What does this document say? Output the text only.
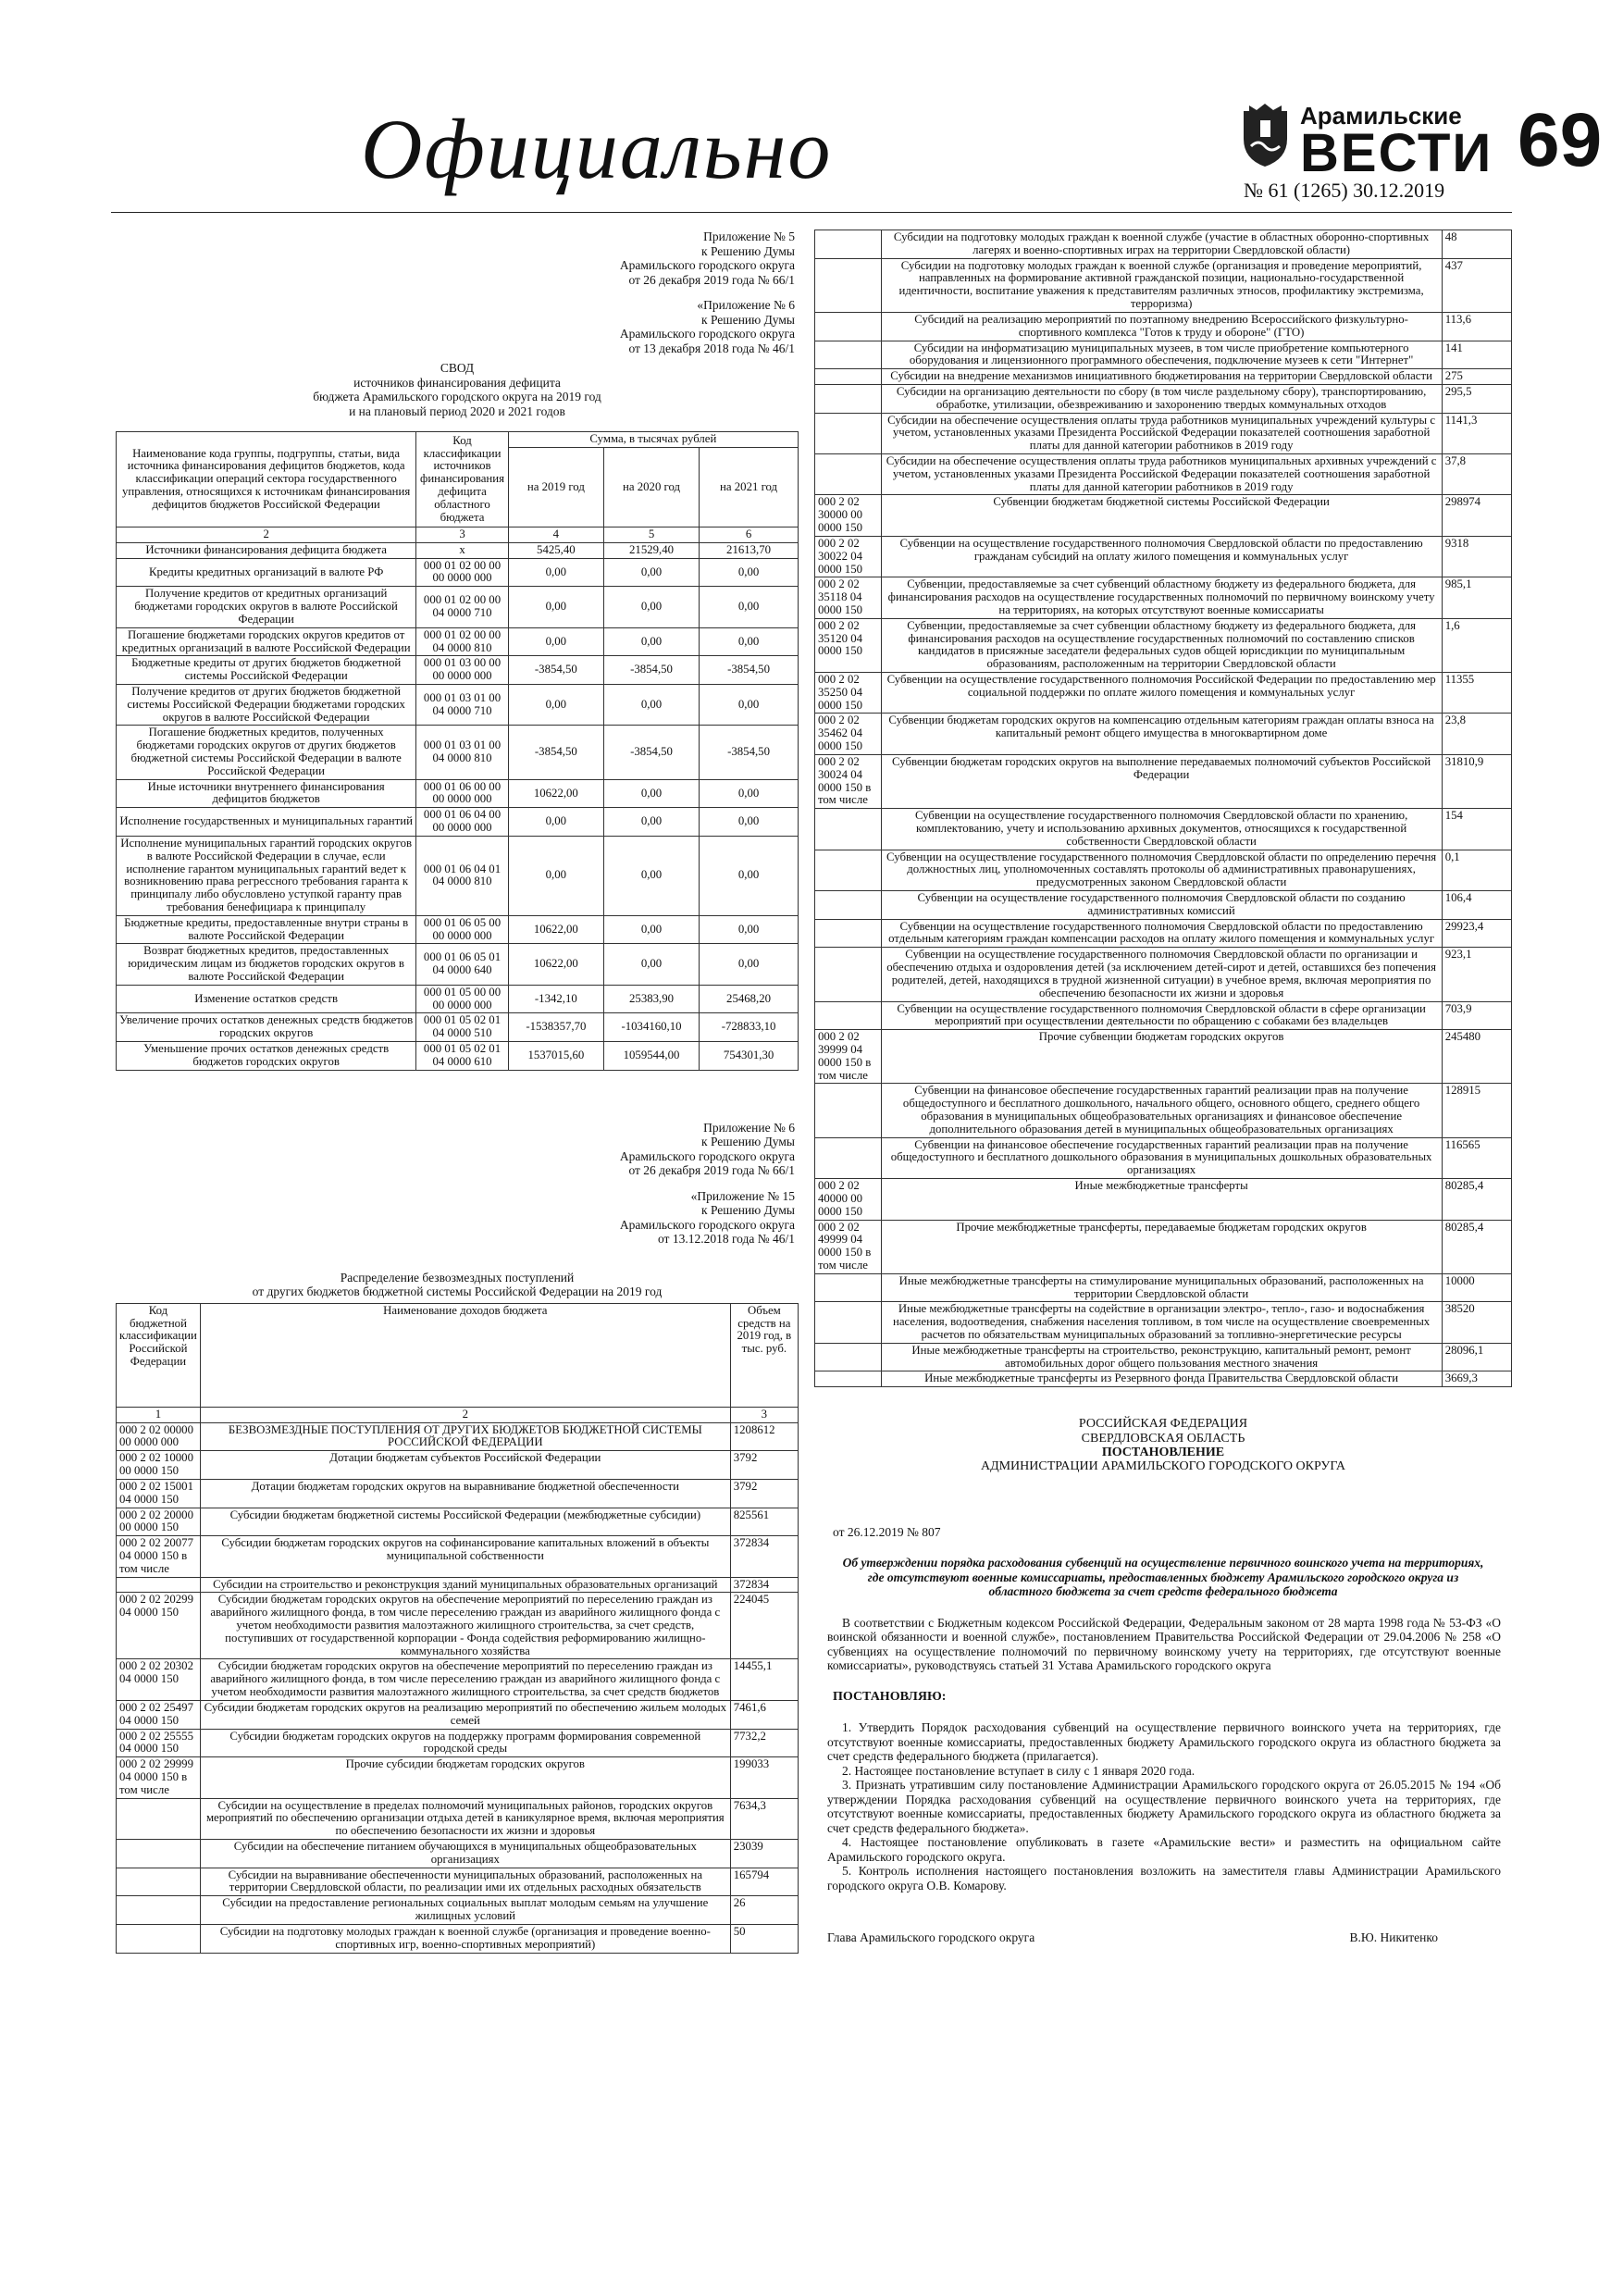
Официально	Арамильские
ВЕСТИ
№ 61 (1265) 30.12.2019
69
Приложение № 5
к Решению Думы
Арамильского городского округа
от 26 декабря 2019 года № 66/1
«Приложение № 6
к Решению Думы
Арамильского городского округа
от 13 декабря 2018 года № 46/1
СВОД
источников финансирования дефицита
бюджета Арамильского городского округа на 2019 год
и на плановый период 2020 и 2021 годов
Наименование кода группы, подгруппы, статьи, вида источника финансирования дефицитов бюджетов, кода классификации операций сектора государственного управления, относящихся к источникам финансирования дефицитов бюджетов Российской Федерации	Код классификации источников финансирования дефицита областного бюджета	Сумма, в тысячах рублей		
		на 2019 год	на 2020 год	на 2021 год
2	3	4	5	6
Источники финансирования дефицита бюджета	x	5425,40	21529,40	21613,70
Кредиты кредитных организаций в валюте РФ	000 01 02 00 00 00 0000 000	0,00	0,00	0,00
Получение кредитов от кредитных организаций бюджетами городских округов в валюте Российской Федерации	000 01 02 00 00 04 0000 710	0,00	0,00	0,00
Погашение бюджетами городских округов кредитов от кредитных организаций в валюте Российской Федерации	000 01 02 00 00 04 0000 810	0,00	0,00	0,00
Бюджетные кредиты от других бюджетов бюджетной системы Российской Федерации	000 01 03 00 00 00 0000 000	-3854,50	-3854,50	-3854,50
Получение кредитов от других бюджетов бюджетной системы Российской Федерации бюджетами городских округов в валюте Российской Федерации	000 01 03 01 00 04 0000 710	0,00	0,00	0,00
Погашение бюджетных кредитов, полученных бюджетами городских округов от других бюджетов бюджетной системы Российской Федерации в валюте Российской Федерации	000 01 03 01 00 04 0000 810	-3854,50	-3854,50	-3854,50
Иные источники внутреннего финансирования дефицитов бюджетов	000 01 06 00 00 00 0000 000	10622,00	0,00	0,00
Исполнение государственных и муниципальных гарантий	000 01 06 04 00 00 0000 000	0,00	0,00	0,00
Исполнение муниципальных гарантий городских округов в валюте Российской Федерации в случае, если исполнение гарантом муниципальных гарантий ведет к возникновению права регрессного требования гаранта к принципалу либо обусловлено уступкой гаранту прав требования бенефициара к принципалу	000 01 06 04 01 04 0000 810	0,00	0,00	0,00
Бюджетные кредиты, предоставленные внутри страны в валюте Российской Федерации	000 01 06 05 00 00 0000 000	10622,00	0,00	0,00
Возврат бюджетных кредитов, предоставленных юридическим лицам из бюджетов городских округов в валюте Российской Федерации	000 01 06 05 01 04 0000 640	10622,00	0,00	0,00
Изменение остатков средств	000 01 05 00 00 00 0000 000	-1342,10	25383,90	25468,20
Увеличение прочих остатков денежных средств бюджетов городских округов	000 01 05 02 01 04 0000 510	-1538357,70	-1034160,10	-728833,10
Уменьшение прочих остатков денежных средств бюджетов городских округов	000 01 05 02 01 04 0000 610	1537015,60	1059544,00	754301,30
Приложение № 6
к Решению Думы
Арамильского городского округа
от 26 декабря 2019 года № 66/1
«Приложение № 15
к Решению Думы
Арамильского городского округа
от 13.12.2018 года № 46/1
Распределение безвозмездных поступлений
от других бюджетов бюджетной системы Российской Федерации на 2019 год
Код бюджетной классификации Российской Федерации	Наименование доходов бюджета	Объем средств на 2019 год, в тыс. руб.
1	2	3
000 2 02 00000 00 0000 000	БЕЗВОЗМЕЗДНЫЕ ПОСТУПЛЕНИЯ ОТ ДРУГИХ БЮДЖЕТОВ БЮДЖЕТНОЙ СИСТЕМЫ РОССИЙСКОЙ ФЕДЕРАЦИИ	1208612
000 2 02 10000 00 0000 150	Дотации бюджетам субъектов Российской Федерации	3792
000 2 02 15001 04 0000 150	Дотации бюджетам городских округов на выравнивание бюджетной обеспеченности	3792
000 2 02 20000 00 0000 150	Субсидии бюджетам бюджетной системы Российской Федерации (межбюджетные субсидии)	825561
000 2 02 20077 04 0000 150 в том числе	Субсидии бюджетам городских округов на софинансирование капитальных вложений в объекты муниципальной собственности	372834
	Субсидии на строительство и реконструкция зданий муниципальных образовательных организаций	372834
000 2 02 20299 04 0000 150	Субсидии бюджетам городских округов на обеспечение мероприятий по переселению граждан из аварийного жилищного фонда, в том числе переселению граждан из аварийного жилищного фонда с учетом необходимости развития малоэтажного жилищного строительства, за счет средств, поступивших от государственной корпорации - Фонда содействия реформированию жилищно-коммунального хозяйства	224045
000 2 02 20302 04 0000 150	Субсидии бюджетам городских округов на обеспечение мероприятий по переселению граждан из аварийного жилищного фонда, в том числе переселению граждан из аварийного жилищного фонда с учетом необходимости развития малоэтажного жилищного строительства, за счет средств бюджетов	14455,1
000 2 02 25497 04 0000 150	Субсидии бюджетам городских округов на реализацию мероприятий по обеспечению жильем молодых семей	7461,6
000 2 02 25555 04 0000 150	Субсидии бюджетам городских округов на поддержку программ формирования современной городской среды	7732,2
000 2 02 29999 04 0000 150 в том числе	Прочие субсидии бюджетам городских округов	199033
	Субсидии на осуществление в пределах полномочий муниципальных районов, городских округов мероприятий по обеспечению организации отдыха детей в каникулярное время, включая мероприятия по обеспечению безопасности их жизни и здоровья	7634,3
	Субсидии на обеспечение питанием обучающихся в муниципальных общеобразовательных организациях	23039
	Субсидии на выравнивание обеспеченности муниципальных образований, расположенных на территории Свердловской области, по реализации ими их отдельных расходных обязательств	165794
	Субсидии на предоставление региональных социальных выплат молодым семьям на улучшение жилищных условий	26
	Субсидии на подготовку молодых граждан к военной службе (организация и проведение военно-спортивных игр, военно-спортивных мероприятий)	50
	Субсидии на подготовку молодых граждан к военной службе (участие в областных оборонно-спортивных лагерях и военно-спортивных играх на территории Свердловской области)	48
	Субсидии на подготовку молодых граждан к военной службе (организация и проведение мероприятий, направленных на формирование активной гражданской позиции, национально-государственной идентичности, воспитание уважения к представителям различных этносов, профилактику экстремизма, терроризма)	437
	Субсидий на реализацию мероприятий по поэтапному внедрению Всероссийского физкультурно-спортивного комплекса "Готов к труду и обороне" (ГТО)	113,6
	Субсидии на информатизацию муниципальных музеев, в том числе приобретение компьютерного оборудования и лицензионного программного обеспечения, подключение музеев к сети "Интернет"	141
	Субсидии на внедрение механизмов инициативного бюджетирования на территории Свердловской области	275
	Субсидии на организацию деятельности по сбору (в том числе раздельному сбору), транспортированию, обработке, утилизации, обезвреживанию и захоронению твердых коммунальных отходов	295,5
	Субсидии на обеспечение осуществления оплаты труда работников муниципальных учреждений культуры с учетом, установленных указами Президента Российской Федерации показателей соотношения заработной платы для данной категории работников в 2019 году	1141,3
	Субсидии на обеспечение осуществления оплаты труда работников муниципальных архивных учреждений с учетом, установленных указами Президента Российской Федерации показателей соотношения заработной платы для данной категории работников в 2019 году	37,8
000 2 02 30000 00 0000 150	Субвенции бюджетам бюджетной системы Российской Федерации	298974
000 2 02 30022 04 0000 150	Субвенции на осуществление государственного полномочия Свердловской области по предоставлению гражданам субсидий на оплату жилого помещения и коммунальных услуг	9318
000 2 02 35118 04 0000 150	Субвенции, предоставляемые за счет субвенций областному бюджету из федерального бюджета, для финансирования расходов на осуществление государственных полномочий по первичному воинскому учету на территориях, на которых отсутствуют военные комиссариаты	985,1
000 2 02 35120 04 0000 150	Субвенции, предоставляемые за счет субвенции областному бюджету из федерального бюджета, для финансирования расходов на осуществление государственных полномочий по составлению списков кандидатов в присяжные заседатели федеральных судов общей юрисдикции по муниципальным образованиям, расположенным на территории Свердловской области	1,6
000 2 02 35250 04 0000 150	Субвенции на осуществление государственного полномочия Российской Федерации по предоставлению мер социальной поддержки по оплате жилого помещения и коммунальных услуг	11355
000 2 02 35462 04 0000 150	Субвенции бюджетам городских округов на компенсацию отдельным категориям граждан оплаты взноса на капитальный ремонт общего имущества в многоквартирном доме	23,8
000 2 02 30024 04 0000 150 в том числе	Субвенции бюджетам городских округов на выполнение передаваемых полномочий субъектов Российской Федерации	31810,9
	Субвенции на осуществление государственного полномочия Свердловской области по хранению, комплектованию, учету и использованию архивных документов, относящихся к государственной собственности Свердловской области	154
	Субвенции на осуществление государственного полномочия Свердловской области по определению перечня должностных лиц, уполномоченных составлять протоколы об административных правонарушениях, предусмотренных законом Свердловской области	0,1
	Субвенции на осуществление государственного полномочия Свердловской области по созданию административных комиссий	106,4
	Субвенции на осуществление государственного полномочия Свердловской области по предоставлению отдельным категориям граждан компенсации расходов на оплату жилого помещения и коммунальных услуг	29923,4
	Субвенции на осуществление государственного полномочия Свердловской области по организации и обеспечению отдыха и оздоровления детей (за исключением детей-сирот и детей, оставшихся без попечения родителей, детей, находящихся в трудной жизненной ситуации) в учебное время, включая мероприятия по обеспечению безопасности их жизни и здоровья	923,1
	Субвенции на осуществление государственного полномочия Свердловской области в сфере организации мероприятий при осуществлении деятельности по обращению с собаками без владельцев	703,9
000 2 02 39999 04 0000 150 в том числе	Прочие субвенции бюджетам городских округов	245480
	Субвенции на финансовое обеспечение государственных гарантий реализации прав на получение общедоступного и бесплатного дошкольного, начального общего, основного общего, среднего общего образования в муниципальных общеобразовательных организациях и финансовое обеспечение дополнительного образования детей в муниципальных общеобразовательных организациях	128915
	Субвенции на финансовое обеспечение государственных гарантий реализации прав на получение общедоступного и бесплатного дошкольного образования в муниципальных дошкольных образовательных организациях	116565
000 2 02 40000 00 0000 150	Иные межбюджетные трансферты	80285,4
000 2 02 49999 04 0000 150 в том числе	Прочие межбюджетные трансферты, передаваемые бюджетам городских округов	80285,4
	Иные межбюджетные трансферты на стимулирование муниципальных образований, расположенных на территории Свердловской области	10000
	Иные межбюджетные трансферты на содействие в организации электро-, тепло-, газо- и водоснабжения населения, водоотведения, снабжения населения топливом, в том числе на осуществление своевременных расчетов по обязательствам муниципальных образований за топливно-энергетические ресурсы	38520
	Иные межбюджетные трансферты на строительство, реконструкцию, капитальный ремонт, ремонт автомобильных дорог общего пользования местного значения	28096,1
	Иные межбюджетные трансферты из Резервного фонда Правительства Свердловской области	3669,3
РОССИЙСКАЯ ФЕДЕРАЦИЯ
СВЕРДЛОВСКАЯ ОБЛАСТЬ
ПОСТАНОВЛЕНИЕ
АДМИНИСТРАЦИИ АРАМИЛЬСКОГО ГОРОДСКОГО ОКРУГА
от 26.12.2019 № 807
Об утверждении порядка расходования субвенций на осуществление первичного воинского учета на территориях, где отсутствуют военные комиссариаты, предоставленных бюджету Арамильского городского округа из областного бюджета за счет средств федерального бюджета
В соответствии с Бюджетным кодексом Российской Федерации, Федеральным законом от 28 марта 1998 года № 53-ФЗ «О воинской обязанности и военной службе», постановлением Правительства Российской Федерации от 29.04.2006 № 258 «О субвенциях на осуществление полномочий по первичному воинскому учету на территориях, где отсутствуют военные комиссариаты», руководствуясь статьей 31 Устава Арамильского городского округа
ПОСТАНОВЛЯЮ:
1. Утвердить Порядок расходования субвенций на осуществление первичного воинского учета на территориях, где отсутствуют военные комиссариаты, предоставленных бюджету Арамильского городского округа из областного бюджета за счет средств федерального бюджета (прилагается).
2. Настоящее постановление вступает в силу с 1 января 2020 года.
3. Признать утратившим силу постановление Администрации Арамильского городского округа от 26.05.2015 № 194 «Об утверждении Порядка расходования субвенций на осуществление первичного воинского учета на территориях, где отсутствуют военные комиссариаты, предоставленных бюджету Арамильского городского округа из областного бюджета за счет средств федерального бюджета».
4. Настоящее постановление опубликовать в газете «Арамильские вести» и разместить на официальном сайте Арамильского городского округа.
5. Контроль исполнения настоящего постановления возложить на заместителя главы Администрации Арамильского городского округа О.В. Комарову.
Глава Арамильского городского округа	В.Ю. Никитенко
